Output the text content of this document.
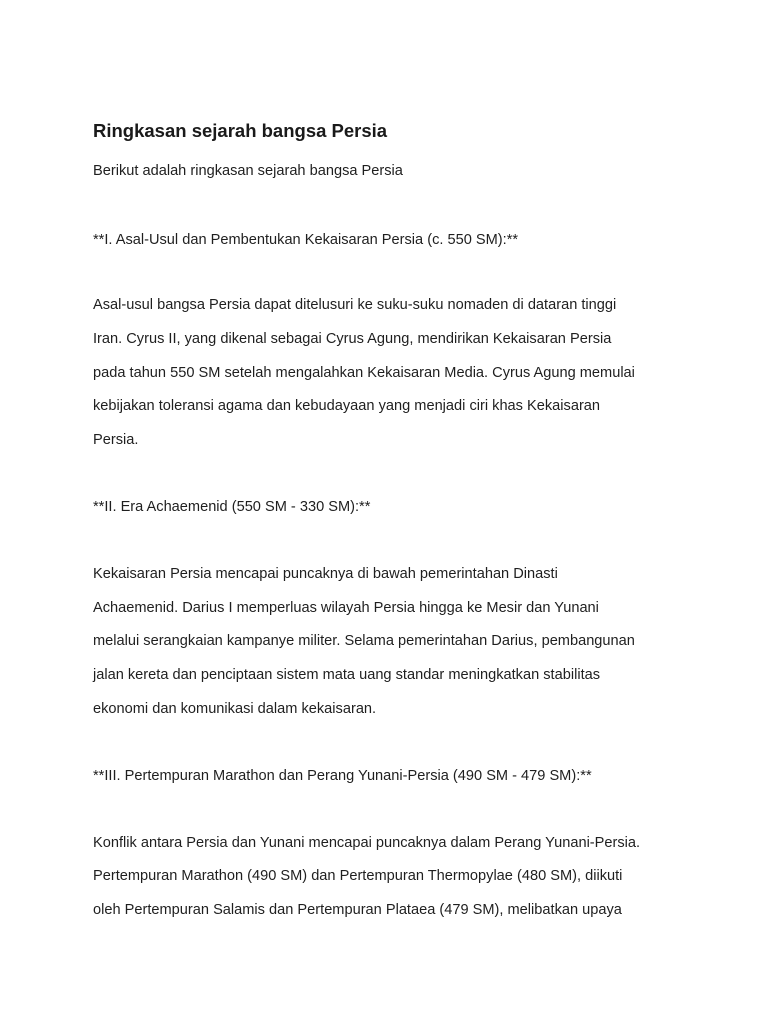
Ringkasan sejarah bangsa Persia
Berikut adalah ringkasan sejarah bangsa Persia
**I. Asal-Usul dan Pembentukan Kekaisaran Persia (c. 550 SM):**
Asal-usul bangsa Persia dapat ditelusuri ke suku-suku nomaden di dataran tinggi
Iran. Cyrus II, yang dikenal sebagai Cyrus Agung, mendirikan Kekaisaran Persia
pada tahun 550 SM setelah mengalahkan Kekaisaran Media. Cyrus Agung memulai
kebijakan toleransi agama dan kebudayaan yang menjadi ciri khas Kekaisaran
Persia.
**II. Era Achaemenid (550 SM - 330 SM):**
Kekaisaran Persia mencapai puncaknya di bawah pemerintahan Dinasti
Achaemenid. Darius I memperluas wilayah Persia hingga ke Mesir dan Yunani
melalui serangkaian kampanye militer. Selama pemerintahan Darius, pembangunan
jalan kereta dan penciptaan sistem mata uang standar meningkatkan stabilitas
ekonomi dan komunikasi dalam kekaisaran.
**III. Pertempuran Marathon dan Perang Yunani-Persia (490 SM - 479 SM):**
Konflik antara Persia dan Yunani mencapai puncaknya dalam Perang Yunani-Persia.
Pertempuran Marathon (490 SM) dan Pertempuran Thermopylae (480 SM), diikuti
oleh Pertempuran Salamis dan Pertempuran Plataea (479 SM), melibatkan upaya
